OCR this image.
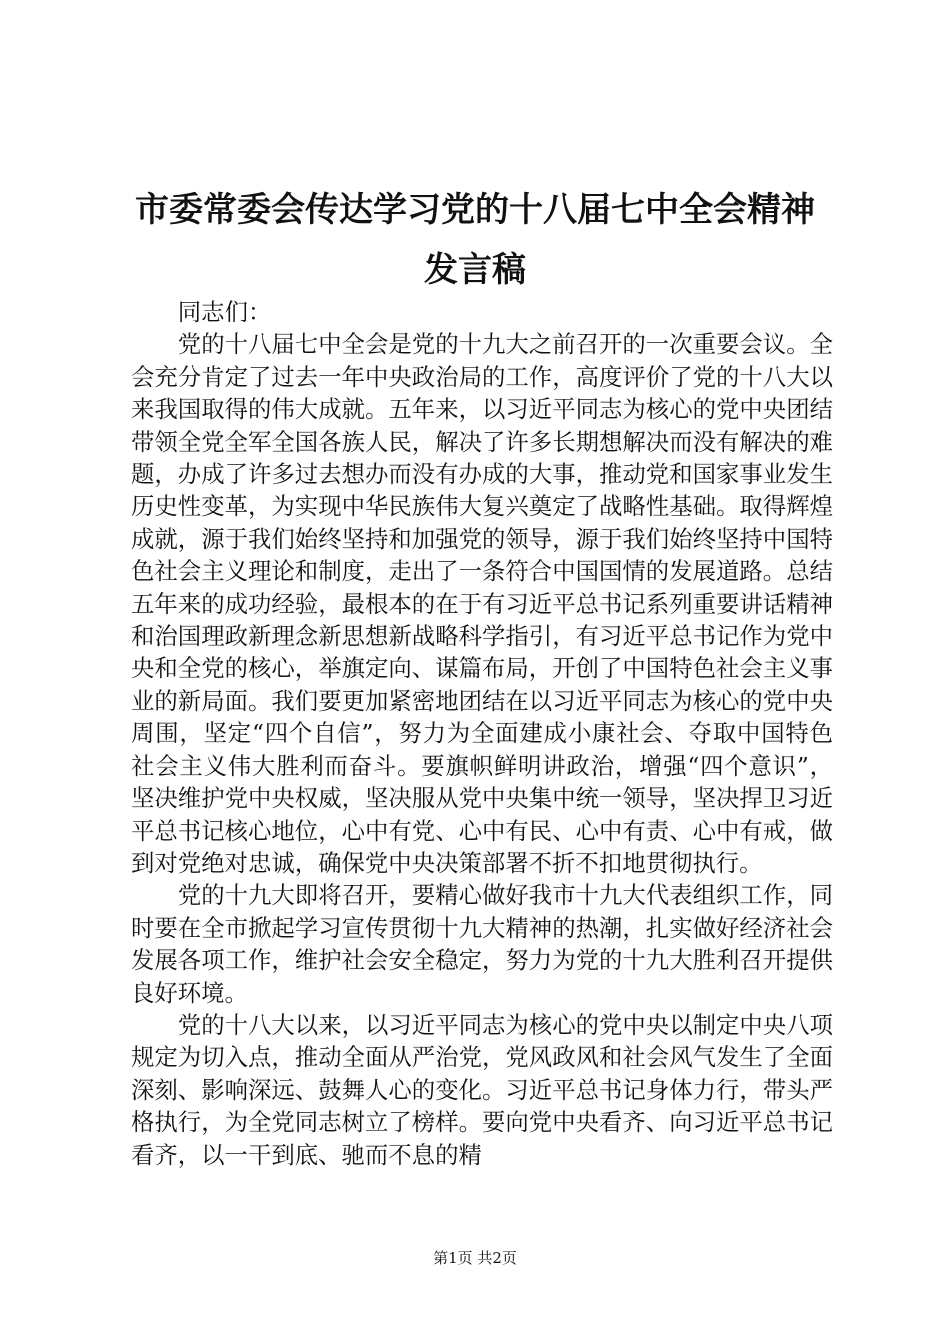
市委常委会传达学习党的十八届七中全会精神
发言稿

同志们：

党的十八届七中全会是党的十九大之前召开的一次重要会议。全会充分肯定了过去一年中央政治局的工作，高度评价了党的十八大以来我国取得的伟大成就。五年来，以习近平同志为核心的党中央团结带领全党全军全国各族人民，解决了许多长期想解决而没有解决的难题，办成了许多过去想办而没有办成的大事，推动党和国家事业发生历史性变革，为实现中华民族伟大复兴奠定了战略性基础。取得辉煌成就，源于我们始终坚持和加强党的领导，源于我们始终坚持中国特色社会主义理论和制度，走出了一条符合中国国情的发展道路。总结五年来的成功经验，最根本的在于有习近平总书记系列重要讲话精神和治国理政新理念新思想新战略科学指引，有习近平总书记作为党中央和全党的核心，举旗定向、谋篇布局，开创了中国特色社会主义事业的新局面。我们要更加紧密地团结在以习近平同志为核心的党中央周围，坚定“四个自信”，努力为全面建成小康社会、夺取中国特色社会主义伟大胜利而奋斗。要旗帜鲜明讲政治，增强“四个意识”，坚决维护党中央权威，坚决服从党中央集中统一领导，坚决捍卫习近平总书记核心地位，心中有党、心中有民、心中有责、心中有戒，做到对党绝对忠诚，确保党中央决策部署不折不扣地贯彻执行。

党的十九大即将召开，要精心做好我市十九大代表组织工作，同时要在全市掀起学习宣传贯彻十九大精神的热潮，扎实做好经济社会发展各项工作，维护社会安全稳定，努力为党的十九大胜利召开提供良好环境。

党的十八大以来，以习近平同志为核心的党中央以制定中央八项规定为切入点，推动全面从严治党，党风政风和社会风气发生了全面深刻、影响深远、鼓舞人心的变化。习近平总书记身体力行，带头严格执行，为全党同志树立了榜样。要向党中央看齐、向习近平总书记看齐，以一干到底、驰而不息的精

第1页 共2页
